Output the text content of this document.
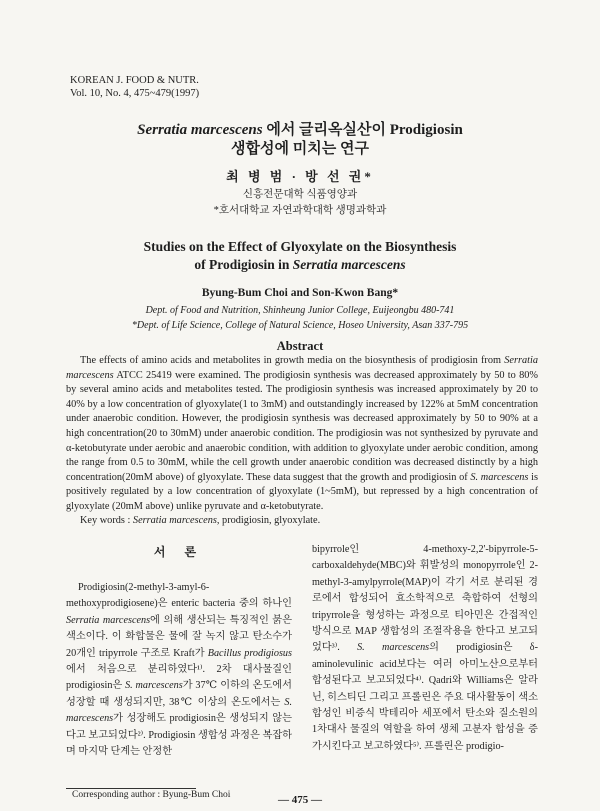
KOREAN J. FOOD & NUTR.
Vol. 10, No. 4, 475~479(1997)
Serratia marcescens 에서 글리옥실산이 Prodigiosin
생합성에 미치는 연구
최 병 범 · 방 선 권*
신흥전문대학 식품영양과
*호서대학교 자연과학대학 생명과학과
Studies on the Effect of Glyoxylate on the Biosynthesis
of Prodigiosin in Serratia marcescens
Byung-Bum Choi and Son-Kwon Bang*
Dept. of Food and Nutrition, Shinheung Junior College, Euijeongbu 480-741
*Dept. of Life Science, College of Natural Science, Hoseo University, Asan 337-795
Abstract

The effects of amino acids and metabolites in growth media on the biosynthesis of prodigiosin from Serratia marcescens ATCC 25419 were examined. The prodigiosin synthesis was decreased approximately by 50 to 80% by several amino acids and metabolites tested. The prodigiosin synthesis was increased approximately by 20 to 40% by a low concentration of glyoxylate(1 to 3mM) and outstandingly increased by 122% at 5mM concentration under anaerobic condition. However, the prodigiosin synthesis was decreased approximately by 50 to 90% at a high concentration(20 to 30mM) under anaerobic condition. The prodigiosin was not synthesized by pyruvate and α-ketobutyrate under aerobic and anaerobic condition, with addition to glyoxylate under aerobic condition, among the range from 0.5 to 30mM, while the cell growth under anaerobic condition was decreased distinctly by a high concentration(20mM above) of glyoxylate. These data suggest that the growth and prodigiosin of S. marcescens is positively regulated by a low concentration of glyoxylate (1~5mM), but repressed by a high concentration of glyoxylate (20mM above) unlike pyruvate and α-ketobutyrate.

Key words : Serratia marcescens, prodigiosin, glyoxylate.
서 론
Prodigiosin(2-methyl-3-amyl-6-methoxyprodigiosene)은 enteric bacteria 중의 하나인 Serratia marcescens에 의해 생산되는 특징적인 붉은 색소이다. 이 화합물은 물에 잘 녹지 않고 탄소수가 20개인 tripyrrole 구조로 Kraft가 Bacillus prodigiosus에서 처음으로 분리하였다¹⁾. 2차 대사물질인 prodigiosin은 S. marcescens가 37℃ 이하의 온도에서 성장할 때 생성되지만, 38℃ 이상의 온도에서는 S. marcescens가 성장해도 prodigiosin은 생성되지 않는다고 보고되었다²⁾. Prodigiosin 생합성 과정은 복잡하며 마지막 단계는 안정한
bipyrrole인 4-methoxy-2,2'-bipyrrole-5-carboxaldehyde(MBC)와 휘발성의 monopyrrole인 2-methyl-3-amylpyrrole(MAP)이 각기 서로 분리된 경로에서 합성되어 효소학적으로 축합하여 선형의 tripyrrole을 형성하는 과정으로 티아민은 간접적인 방식으로 MAP 생합성의 조절작용을 한다고 보고되었다³⁾. S. marcescens의 prodigiosin은 δ-aminolevulinic acid보다는 여러 아미노산으로부터 합성된다고 보고되었다⁴⁾. Qadri와 Williams은 알라닌, 히스티딘 그리고 프롤린은 주요 대사활동이 색소합성인 비증식 박테리아 세포에서 탄소와 질소원의 1차대사 물질의 역할을 하여 생체 고분자 합성을 증가시킨다고 보고하였다⁵⁾. 프롤린은 prodigio-
Corresponding author : Byung-Bum Choi	― 475 ―
